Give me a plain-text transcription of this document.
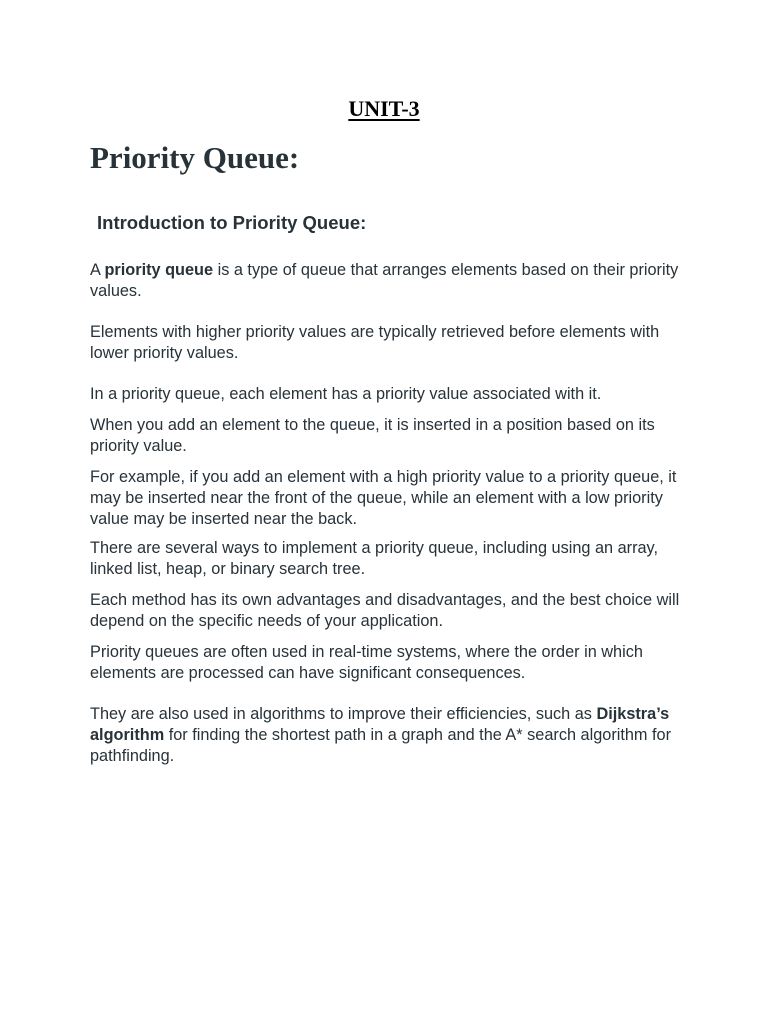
UNIT-3
Priority Queue:
Introduction to Priority Queue:

A priority queue is a type of queue that arranges elements based on their priority values.

Elements with higher priority values are typically retrieved before elements with lower priority values.

In a priority queue, each element has a priority value associated with it.

When you add an element to the queue, it is inserted in a position based on its priority value.

For example, if you add an element with a high priority value to a priority queue, it may be inserted near the front of the queue, while an element with a low priority value may be inserted near the back.

There are several ways to implement a priority queue, including using an array, linked list, heap, or binary search tree.

Each method has its own advantages and disadvantages, and the best choice will depend on the specific needs of your application.

Priority queues are often used in real-time systems, where the order in which elements are processed can have significant consequences.

They are also used in algorithms to improve their efficiencies, such as Dijkstra’s algorithm for finding the shortest path in a graph and the A* search algorithm for pathfinding.
